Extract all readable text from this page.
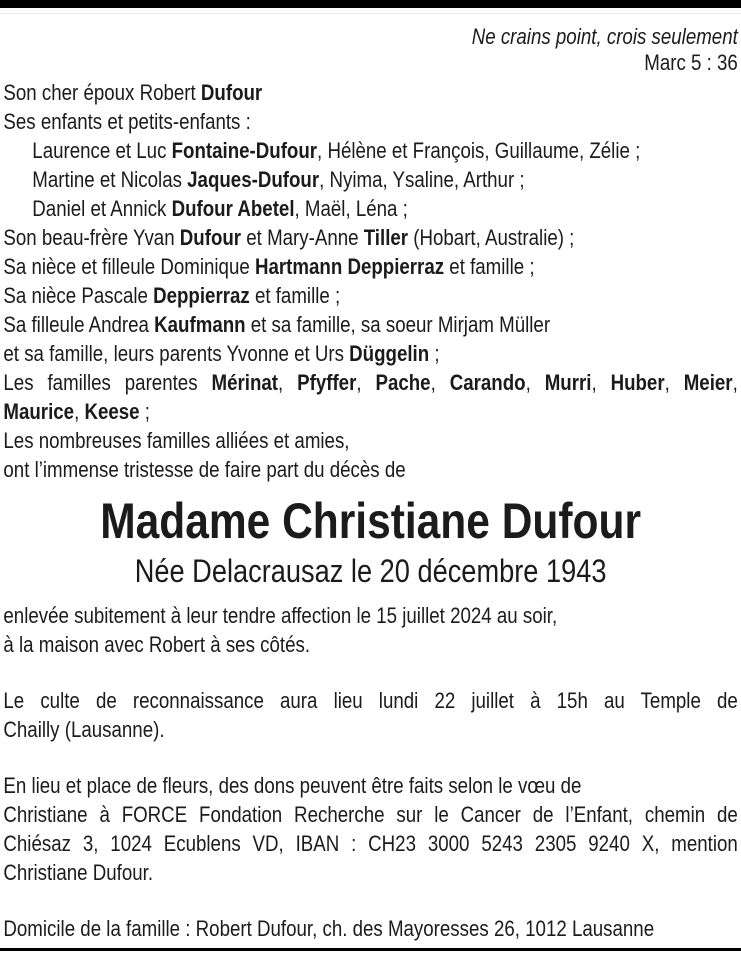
Ne crains point, crois seulement
Marc 5 : 36
Son cher époux Robert Dufour
Ses enfants et petits-enfants :
Laurence et Luc Fontaine-Dufour, Hélène et François, Guillaume, Zélie ;
Martine et Nicolas Jaques-Dufour, Nyima, Ysaline, Arthur ;
Daniel et Annick Dufour Abetel, Maël, Léna ;
Son beau-frère Yvan Dufour et Mary-Anne Tiller (Hobart, Australie) ;
Sa nièce et filleule Dominique Hartmann Deppierraz et famille ;
Sa nièce Pascale Deppierraz et famille ;
Sa filleule Andrea Kaufmann et sa famille, sa soeur Mirjam Müller
et sa famille, leurs parents Yvonne et Urs Düggelin ;
Les familles parentes Mérinat, Pfyffer, Pache, Carando, Murri, Huber, Meier,
Maurice, Keese ;
Les nombreuses familles alliées et amies,
ont l’immense tristesse de faire part du décès de
Madame Christiane Dufour
Née Delacrausaz le 20 décembre 1943
enlevée subitement à leur tendre affection le 15 juillet 2024 au soir,
à la maison avec Robert à ses côtés.
Le culte de reconnaissance aura lieu lundi 22 juillet à 15h au Temple de
Chailly (Lausanne).
En lieu et place de fleurs, des dons peuvent être faits selon le vœu de
Christiane à FORCE Fondation Recherche sur le Cancer de l’Enfant, chemin de
Chiésaz 3, 1024 Ecublens VD, IBAN : CH23 3000 5243 2305 9240 X, mention
Christiane Dufour.
Domicile de la famille : Robert Dufour, ch. des Mayoresses 26, 1012 Lausanne
